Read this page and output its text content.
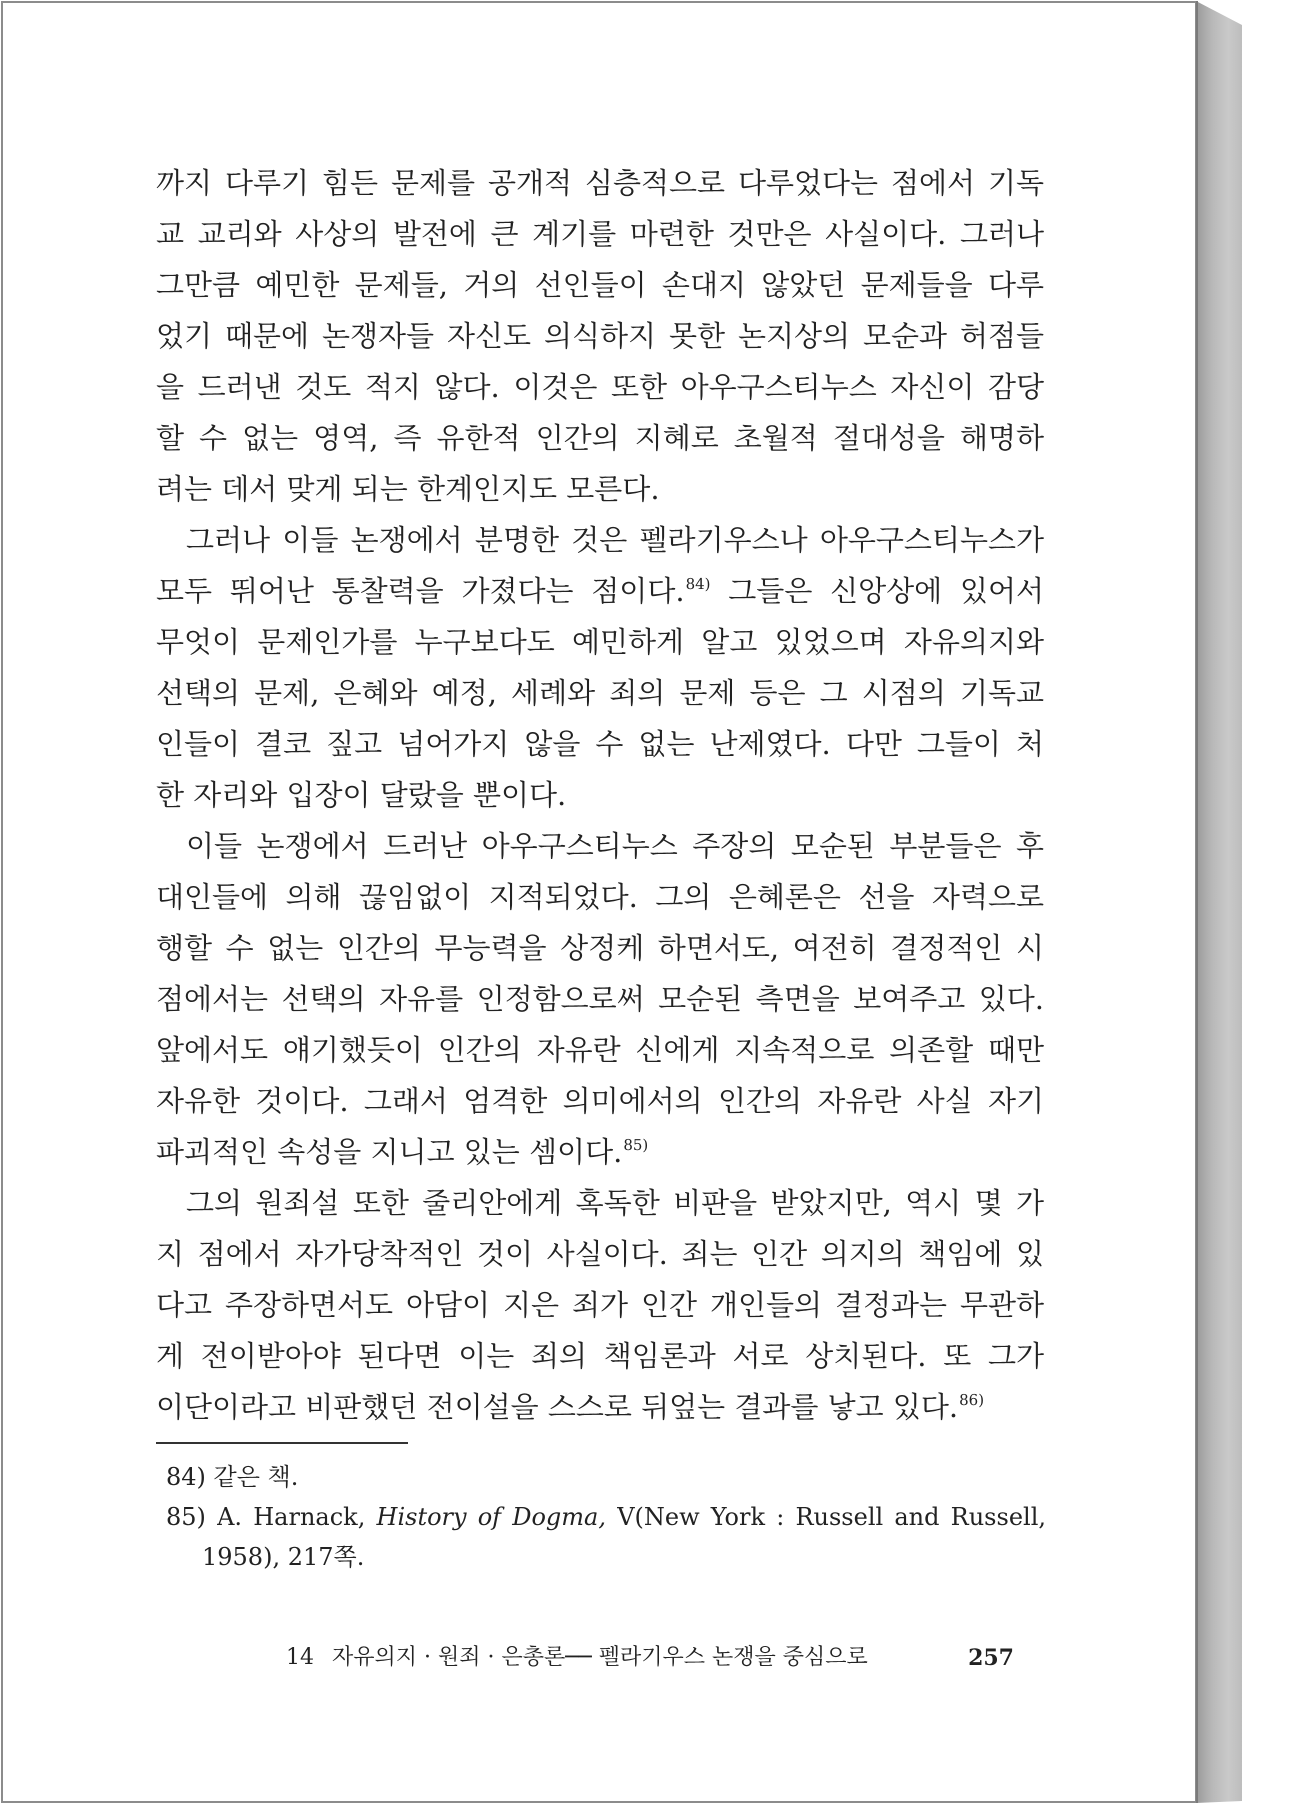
까지 다루기 힘든 문제를 공개적 심층적으로 다루었다는 점에서 기독
교 교리와 사상의 발전에 큰 계기를 마련한 것만은 사실이다. 그러나
그만큼 예민한 문제들, 거의 선인들이 손대지 않았던 문제들을 다루
었기 때문에 논쟁자들 자신도 의식하지 못한 논지상의 모순과 허점들
을 드러낸 것도 적지 않다. 이것은 또한 아우구스티누스 자신이 감당
할 수 없는 영역, 즉 유한적 인간의 지혜로 초월적 절대성을 해명하
려는 데서 맞게 되는 한계인지도 모른다.
그러나 이들 논쟁에서 분명한 것은 펠라기우스나 아우구스티누스가
모두 뛰어난 통찰력을 가졌다는 점이다.$^{84)}$ 그들은 신앙상에 있어서
무엇이 문제인가를 누구보다도 예민하게 알고 있었으며 자유의지와
선택의 문제, 은혜와 예정, 세례와 죄의 문제 등은 그 시점의 기독교
인들이 결코 짚고 넘어가지 않을 수 없는 난제였다. 다만 그들이 처
한 자리와 입장이 달랐을 뿐이다.
이들 논쟁에서 드러난 아우구스티누스 주장의 모순된 부분들은 후
대인들에 의해 끊임없이 지적되었다. 그의 은혜론은 선을 자력으로
행할 수 없는 인간의 무능력을 상정케 하면서도, 여전히 결정적인 시
점에서는 선택의 자유를 인정함으로써 모순된 측면을 보여주고 있다.
앞에서도 얘기했듯이 인간의 자유란 신에게 지속적으로 의존할 때만
자유한 것이다. 그래서 엄격한 의미에서의 인간의 자유란 사실 자기
파괴적인 속성을 지니고 있는 셈이다.$^{85)}$
그의 원죄설 또한 줄리안에게 혹독한 비판을 받았지만, 역시 몇 가
지 점에서 자가당착적인 것이 사실이다. 죄는 인간 의지의 책임에 있
다고 주장하면서도 아담이 지은 죄가 인간 개인들의 결정과는 무관하
게 전이받아야 된다면 이는 죄의 책임론과 서로 상치된다. 또 그가
이단이라고 비판했던 전이설을 스스로 뒤엎는 결과를 낳고 있다.$^{86)}$
84) 같은 책.
85) A. Harnack, History of Dogma, V(New York : Russell and Russell,
1958), 217쪽.
14 자유의지 · 원죄 · 은총론── 펠라기우스 논쟁을 중심으로	257
